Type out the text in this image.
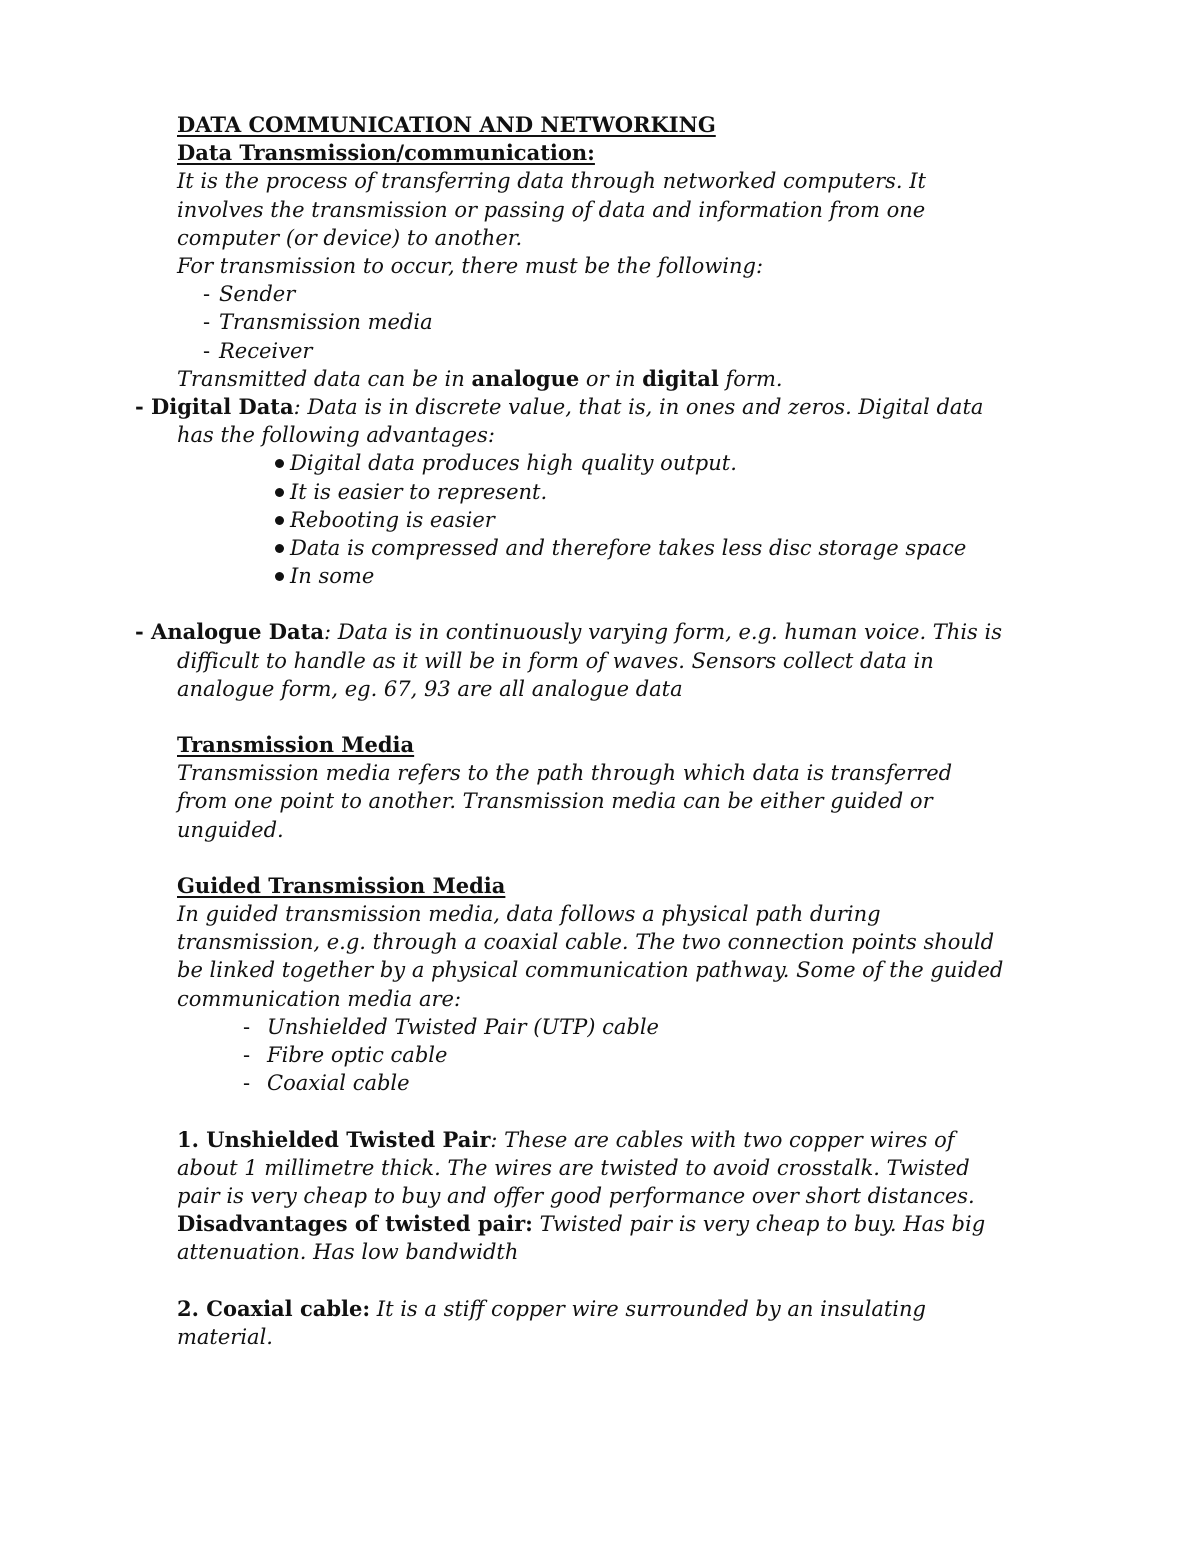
DATA COMMUNICATION AND NETWORKING

Data Transmission/communication:

It is the process of transferring data through networked computers. It involves the transmission or passing of data and information from one computer (or device) to another.

For transmission to occur, there must be the following:

- Sender
- Transmission media
- Receiver

Transmitted data can be in analogue or in digital form.

- Digital Data: Data is in discrete value, that is, in ones and zeros. Digital data has the following advantages:

Digital data produces high quality output.
It is easier to represent.
Rebooting is easier
Data is compressed and therefore takes less disc storage space
In some

- Analogue Data: Data is in continuously varying form, e.g. human voice. This is difficult to handle as it will be in form of waves. Sensors collect data in analogue form, eg. 67, 93 are all analogue data

Transmission Media

Transmission media refers to the path through which data is transferred from one point to another. Transmission media can be either guided or unguided.

Guided Transmission Media

In guided transmission media, data follows a physical path during transmission, e.g. through a coaxial cable. The two connection points should be linked together by a physical communication pathway. Some of the guided communication media are:

- Unshielded Twisted Pair (UTP) cable
- Fibre optic cable
- Coaxial cable

1. Unshielded Twisted Pair: These are cables with two copper wires of about 1 millimetre thick. The wires are twisted to avoid crosstalk. Twisted pair is very cheap to buy and offer good performance over short distances.

Disadvantages of twisted pair: Twisted pair is very cheap to buy. Has big attenuation. Has low bandwidth

2. Coaxial cable: It is a stiff copper wire surrounded by an insulating material.
